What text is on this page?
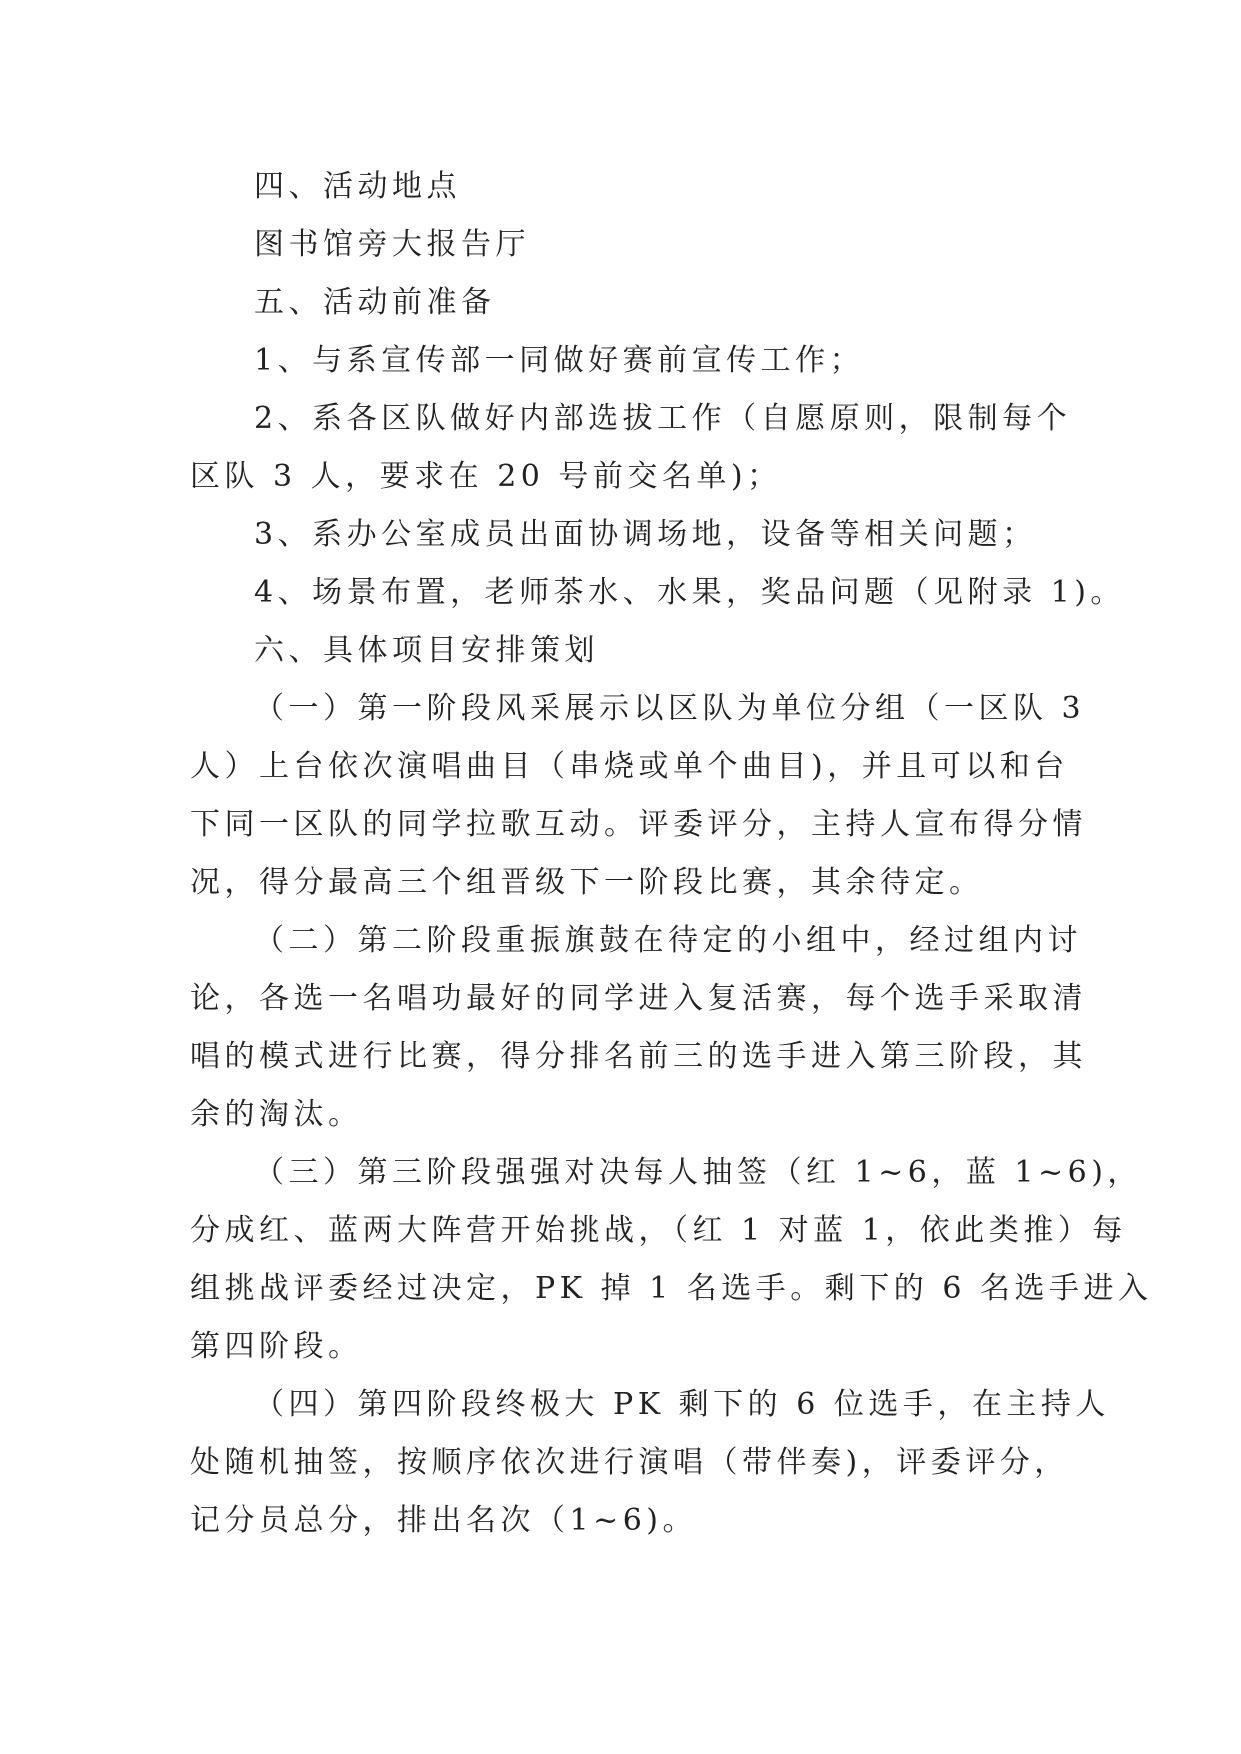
四、活动地点
图书馆旁大报告厅
五、活动前准备
1、与系宣传部一同做好赛前宣传工作；
2、系各区队做好内部选拔工作（自愿原则，限制每个
区队 3 人，要求在 20 号前交名单)；
3、系办公室成员出面协调场地，设备等相关问题；
4、场景布置，老师茶水、水果，奖品问题（见附录 1)。
六、具体项目安排策划
（一）第一阶段风采展示以区队为单位分组（一区队 3
人）上台依次演唱曲目（串烧或单个曲目)，并且可以和台
下同一区队的同学拉歌互动。评委评分，主持人宣布得分情
况，得分最高三个组晋级下一阶段比赛，其余待定。
（二）第二阶段重振旗鼓在待定的小组中，经过组内讨
论，各选一名唱功最好的同学进入复活赛，每个选手采取清
唱的模式进行比赛，得分排名前三的选手进入第三阶段，其
余的淘汰。
（三）第三阶段强强对决每人抽签（红 1~6，蓝 1~6)，
分成红、蓝两大阵营开始挑战，（红 1 对蓝 1，依此类推）每
组挑战评委经过决定，PK 掉 1 名选手。剩下的 6 名选手进入
第四阶段。
（四）第四阶段终极大 PK 剩下的 6 位选手，在主持人
处随机抽签，按顺序依次进行演唱（带伴奏)，评委评分，
记分员总分，排出名次（1~6)。
